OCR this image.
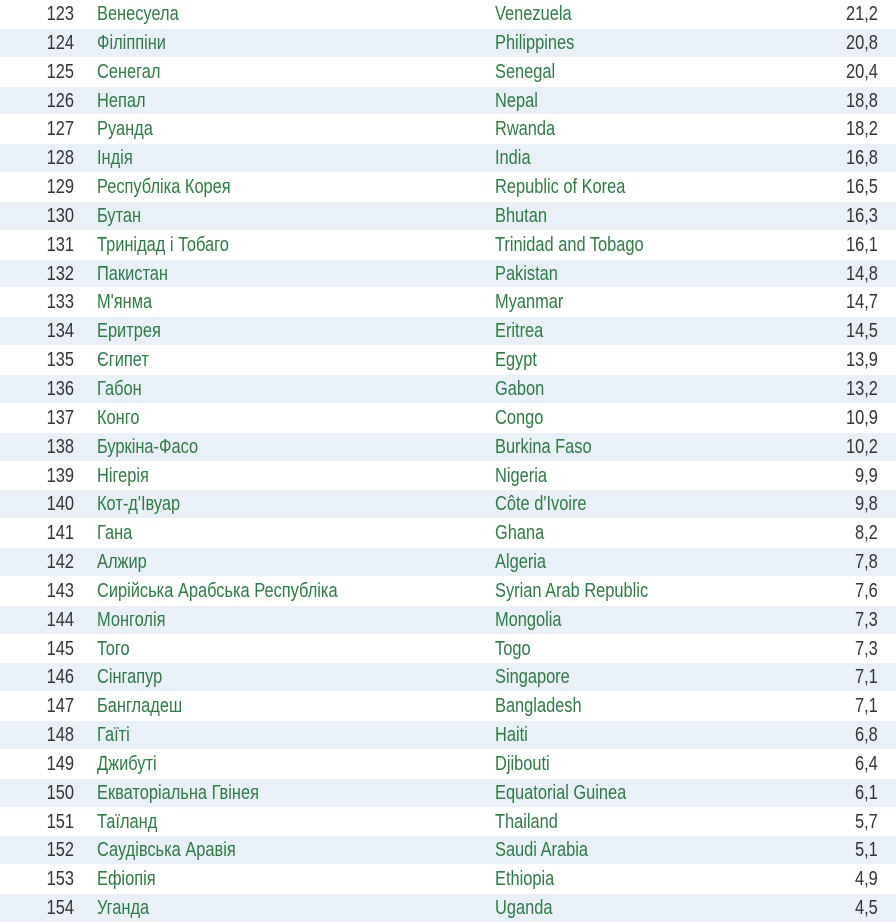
123 Венесуела	Venezuela	21,2
124 Філіппіни	Philippines	20,8
125 Сенегал	Senegal	20,4
126 Непал	Nepal	18,8
127 Руанда	Rwanda	18,2
128 Індія	India	16,8
129 Республіка Корея	Republic of Korea	16,5
130 Бутан	Bhutan	16,3
131 Тринідад і Тобаго	Trinidad and Tobago	16,1
132 Пакистан	Pakistan	14,8
133 М'янма	Myanmar	14,7
134 Еритрея	Eritrea	14,5
135 Єгипет	Egypt	13,9
136 Габон	Gabon	13,2
137 Конго	Congo	10,9
138 Буркіна-Фасо	Burkina Faso	10,2
139 Нігерія	Nigeria	9,9
140 Кот-д'Івуар	Côte d'Ivoire	9,8
141 Гана	Ghana	8,2
142 Алжир	Algeria	7,8
143 Сирійська Арабська Республіка	Syrian Arab Republic	7,6
144 Монголія	Mongolia	7,3
145 Того	Togo	7,3
146 Сінгапур	Singapore	7,1
147 Бангладеш	Bangladesh	7,1
148 Гаїті	Haiti	6,8
149 Джибуті	Djibouti	6,4
150 Екваторіальна Гвінея	Equatorial Guinea	6,1
151 Таїланд	Thailand	5,7
152 Саудівська Аравія	Saudi Arabia	5,1
153 Ефіопія	Ethiopia	4,9
154 Уганда	Uganda	4,5
